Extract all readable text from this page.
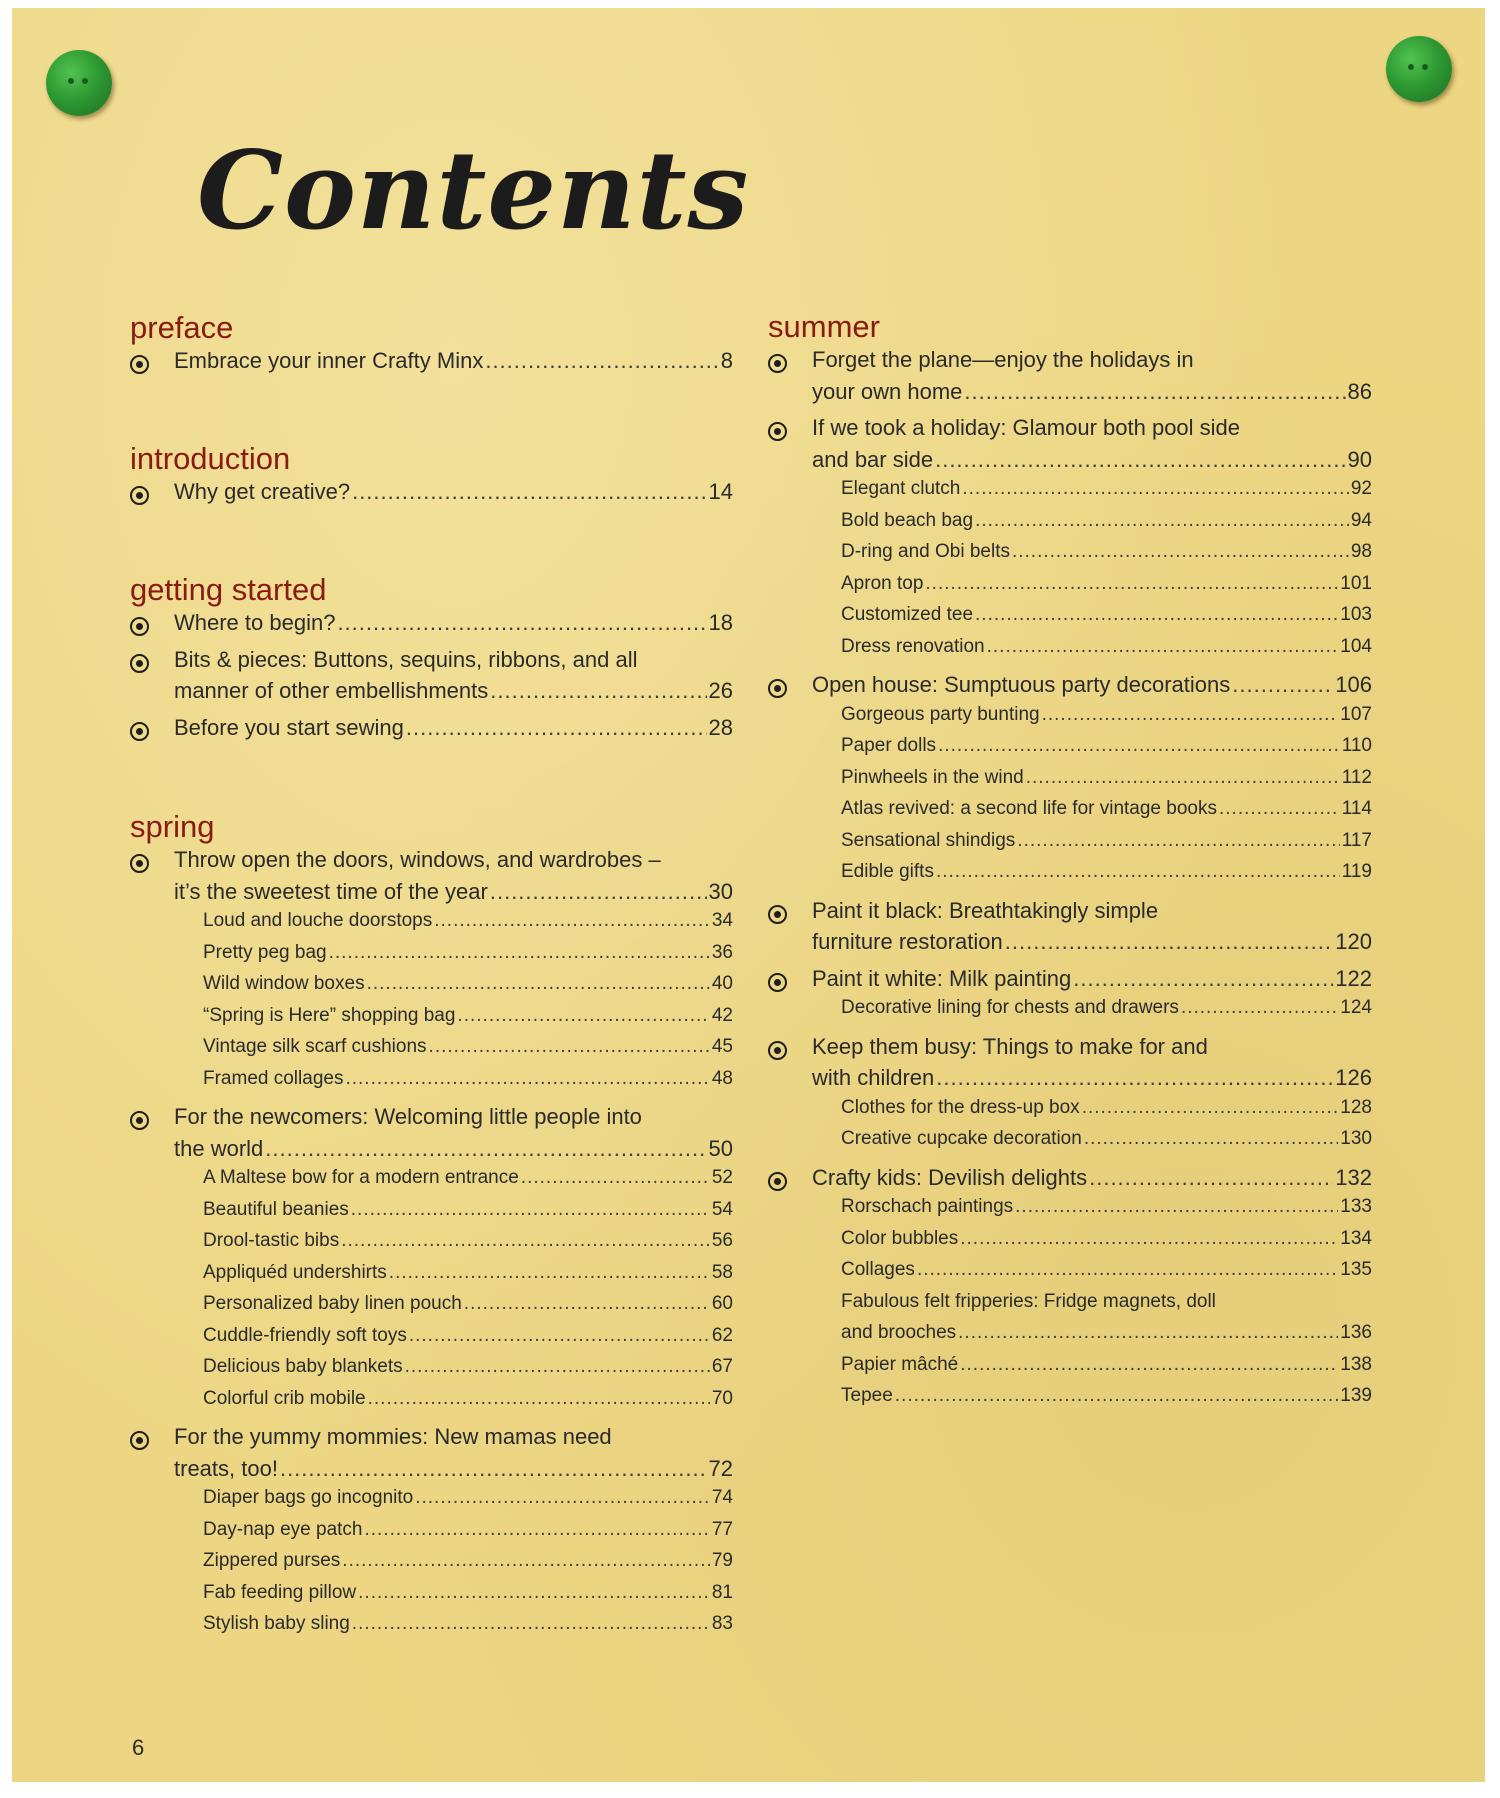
Contents
preface
Embrace your inner Crafty Minx .....	8
introduction
Why get creative? .....	14
getting started
Where to begin? .....	18
Bits & pieces: Buttons, sequins, ribbons, and all
manner of other embellishments .....	26
Before you start sewing .....	28
spring
Throw open the doors, windows, and wardrobes –
it’s the sweetest time of the year .....	30
Loud and louche doorstops .....	34
Pretty peg bag .....	36
Wild window boxes .....	40
“Spring is Here” shopping bag .....	42
Vintage silk scarf cushions .....	45
Framed collages .....	48
For the newcomers: Welcoming little people into
the world .....	50
A Maltese bow for a modern entrance .....	52
Beautiful beanies .....	54
Drool-tastic bibs .....	56
Appliquéd undershirts .....	58
Personalized baby linen pouch .....	60
Cuddle-friendly soft toys .....	62
Delicious baby blankets .....	67
Colorful crib mobile .....	70
For the yummy mommies: New mamas need
treats, too! .....	72
Diaper bags go incognito .....	74
Day-nap eye patch .....	77
Zippered purses .....	79
Fab feeding pillow .....	81
Stylish baby sling .....	83
summer
Forget the plane—enjoy the holidays in
your own home .....	86
If we took a holiday: Glamour both pool side
and bar side .....	90
Elegant clutch .....	92
Bold beach bag .....	94
D-ring and Obi belts .....	98
Apron top .....	101
Customized tee .....	103
Dress renovation .....	104
Open house: Sumptuous party decorations .....	106
Gorgeous party bunting .....	107
Paper dolls .....	110
Pinwheels in the wind .....	112
Atlas revived: a second life for vintage books .....	114
Sensational shindigs .....	117
Edible gifts .....	119
Paint it black: Breathtakingly simple
furniture restoration .....	120
Paint it white: Milk painting .....	122
Decorative lining for chests and drawers .....	124
Keep them busy: Things to make for and
with children .....	126
Clothes for the dress-up box .....	128
Creative cupcake decoration .....	130
Crafty kids: Devilish delights .....	132
Rorschach paintings .....	133
Color bubbles .....	134
Collages .....	135
Fabulous felt fripperies: Fridge magnets, doll
and brooches .....	136
Papier mâché .....	138
Tepee .....	139
6
